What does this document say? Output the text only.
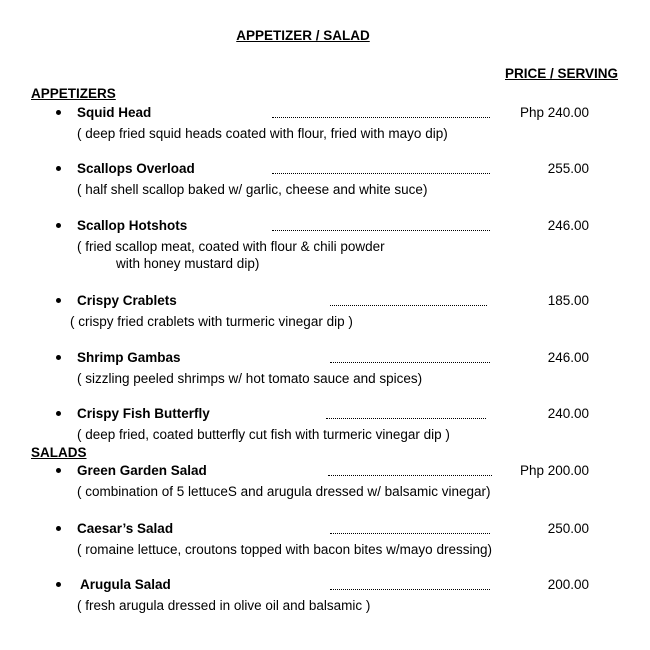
APPETIZER / SALAD
PRICE / SERVING
APPETIZERS
Squid Head	Php 240.00
( deep fried squid heads coated with flour, fried with mayo dip)
Scallops Overload	255.00
( half shell scallop baked w/ garlic, cheese and white suce)
Scallop Hotshots	246.00
( fried scallop meat, coated with flour & chili powder
with honey mustard dip)
Crispy Crablets	185.00
( crispy fried crablets with turmeric vinegar dip )
Shrimp Gambas	246.00
( sizzling peeled shrimps w/ hot tomato sauce and spices)
Crispy Fish Butterfly	240.00
( deep fried, coated butterfly cut fish with turmeric vinegar dip )
SALADS
Green Garden Salad	Php 200.00
( combination of 5 lettuceS and arugula dressed w/ balsamic vinegar)
Caesar’s Salad	250.00
( romaine lettuce, croutons topped with bacon bites w/mayo dressing)
Arugula Salad	200.00
( fresh arugula dressed in olive oil and balsamic )
